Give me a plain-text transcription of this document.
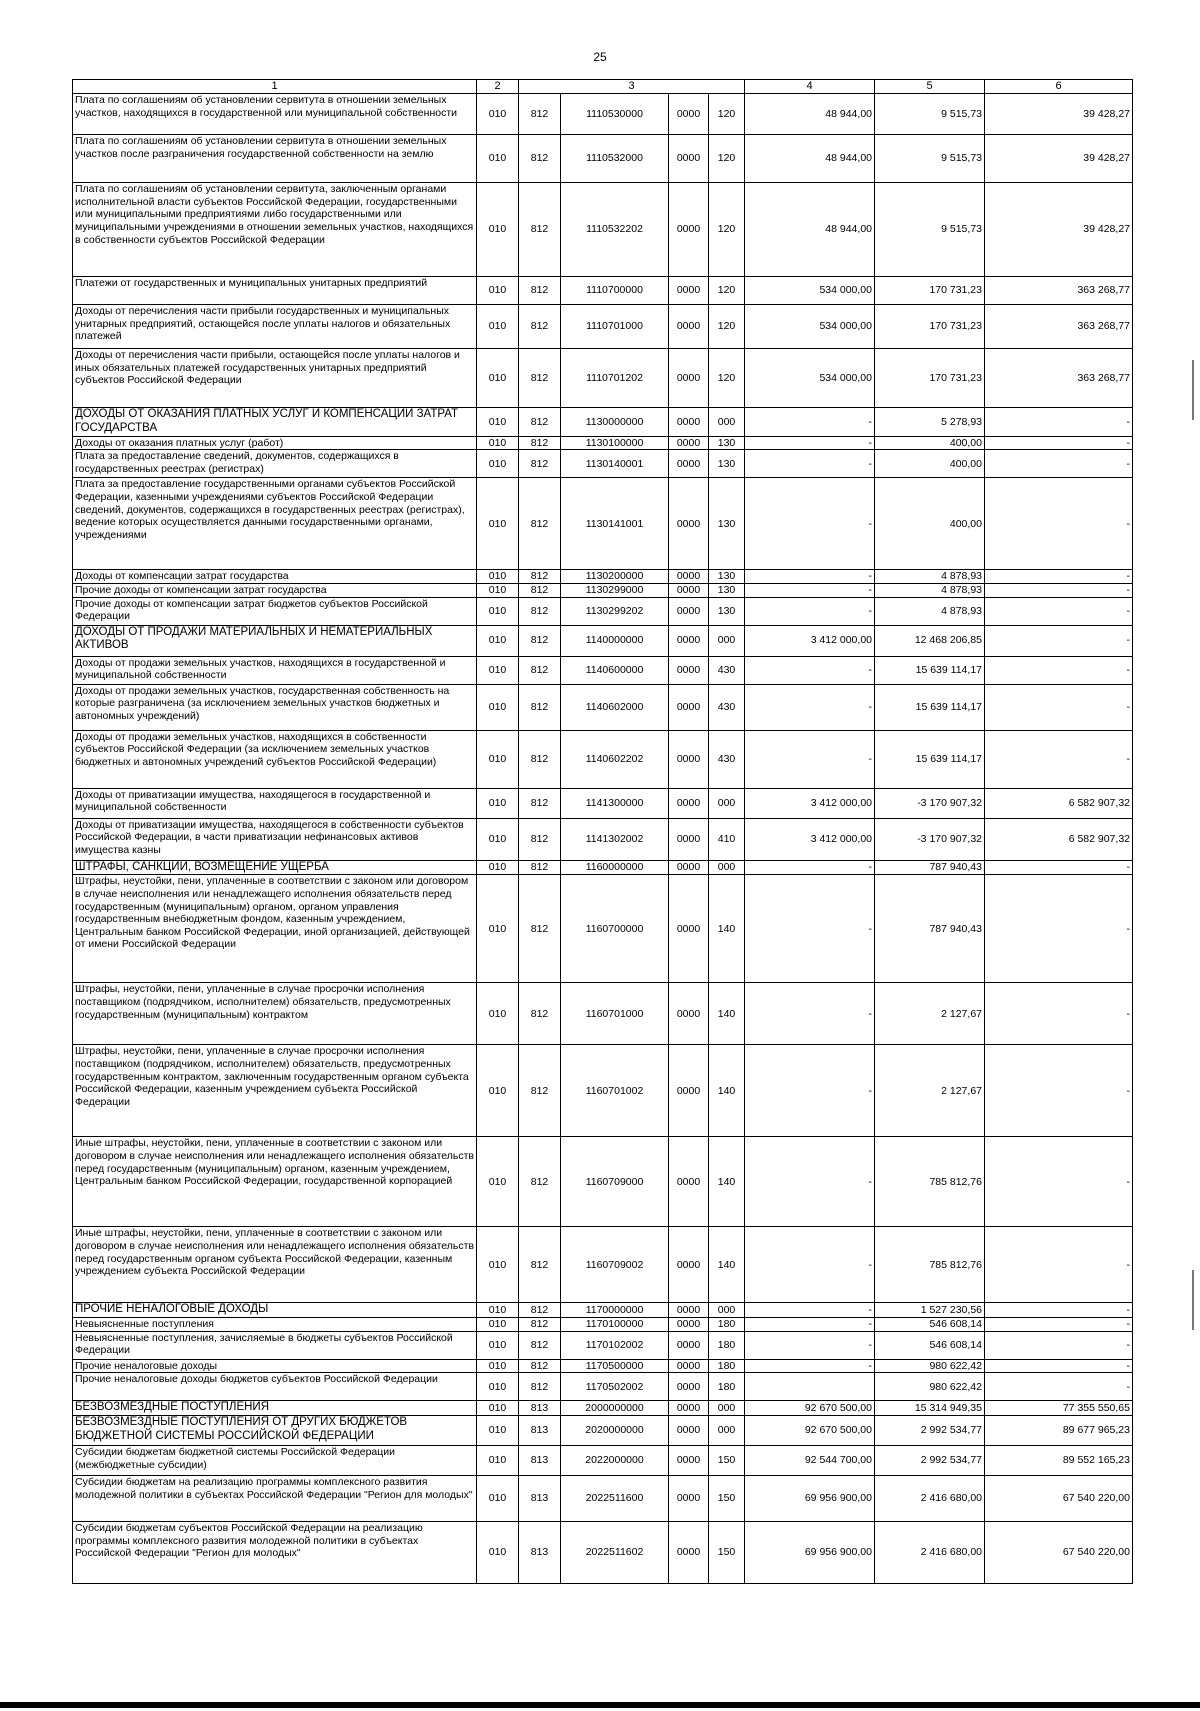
25
1	2	3				4	5	6
Плата по соглашениям об установлении сервитута в отношении земельных участков, находящихся в государственной или муниципальной собственности	010	812	1110530000	0000	120	48 944,00	9 515,73	39 428,27
Плата по соглашениям об установлении сервитута в отношении земельных участков после разграничения государственной собственности на землю	010	812	1110532000	0000	120	48 944,00	9 515,73	39 428,27
Плата по соглашениям об установлении сервитута, заключенным органами исполнительной власти субъектов Российской Федерации, государственными или муниципальными предприятиями либо государственными или муниципальными учреждениями в отношении земельных участков, находящихся в собственности субъектов Российской Федерации	010	812	1110532202	0000	120	48 944,00	9 515,73	39 428,27
Платежи от государственных и муниципальных унитарных предприятий	010	812	1110700000	0000	120	534 000,00	170 731,23	363 268,77
Доходы от перечисления части прибыли государственных и муниципальных унитарных предприятий, остающейся после уплаты налогов и обязательных платежей	010	812	1110701000	0000	120	534 000,00	170 731,23	363 268,77
Доходы от перечисления части прибыли, остающейся после уплаты налогов и иных обязательных платежей государственных унитарных предприятий субъектов Российской Федерации	010	812	1110701202	0000	120	534 000,00	170 731,23	363 268,77
ДОХОДЫ ОТ ОКАЗАНИЯ ПЛАТНЫХ УСЛУГ И КОМПЕНСАЦИИ ЗАТРАТ ГОСУДАРСТВА	010	812	1130000000	0000	000	-	5 278,93	-
Доходы от оказания платных услуг (работ)	010	812	1130100000	0000	130	-	400,00	-
Плата за предоставление сведений, документов, содержащихся в государственных реестрах (регистрах)	010	812	1130140001	0000	130	-	400,00	-
Плата за предоставление государственными органами субъектов Российской Федерации, казенными учреждениями субъектов Российской Федерации сведений, документов, содержащихся в государственных реестрах (регистрах), ведение которых осуществляется данными государственными органами, учреждениями	010	812	1130141001	0000	130	-	400,00	-
Доходы от компенсации затрат государства	010	812	1130200000	0000	130	-	4 878,93	-
Прочие доходы от компенсации затрат государства	010	812	1130299000	0000	130	-	4 878,93	-
Прочие доходы от компенсации затрат бюджетов субъектов Российской Федерации	010	812	1130299202	0000	130	-	4 878,93	-
ДОХОДЫ ОТ ПРОДАЖИ МАТЕРИАЛЬНЫХ И НЕМАТЕРИАЛЬНЫХ АКТИВОВ	010	812	1140000000	0000	000	3 412 000,00	12 468 206,85	-
Доходы от продажи земельных участков, находящихся в государственной и муниципальной собственности	010	812	1140600000	0000	430	-	15 639 114,17	-
Доходы от продажи земельных участков, государственная собственность на которые разграничена (за исключением земельных участков бюджетных и автономных учреждений)	010	812	1140602000	0000	430	-	15 639 114,17	-
Доходы от продажи земельных участков, находящихся в собственности субъектов Российской Федерации (за исключением земельных участков бюджетных и автономных учреждений субъектов Российской Федерации)	010	812	1140602202	0000	430	-	15 639 114,17	-
Доходы от приватизации имущества, находящегося в государственной и муниципальной собственности	010	812	1141300000	0000	000	3 412 000,00	-3 170 907,32	6 582 907,32
Доходы от приватизации имущества, находящегося в собственности субъектов Российской Федерации, в части приватизации нефинансовых активов имущества казны	010	812	1141302002	0000	410	3 412 000,00	-3 170 907,32	6 582 907,32
ШТРАФЫ, САНКЦИИ, ВОЗМЕЩЕНИЕ УЩЕРБА	010	812	1160000000	0000	000	-	787 940,43	-
Штрафы, неустойки, пени, уплаченные в соответствии с законом или договором в случае неисполнения или ненадлежащего исполнения обязательств перед государственным (муниципальным) органом, органом управления государственным внебюджетным фондом, казенным учреждением, Центральным банком Российской Федерации, иной организацией, действующей от имени Российской Федерации	010	812	1160700000	0000	140	-	787 940,43	-
Штрафы, неустойки, пени, уплаченные в случае просрочки исполнения поставщиком (подрядчиком, исполнителем) обязательств, предусмотренных государственным (муниципальным) контрактом	010	812	1160701000	0000	140	-	2 127,67	-
Штрафы, неустойки, пени, уплаченные в случае просрочки исполнения поставщиком (подрядчиком, исполнителем) обязательств, предусмотренных государственным контрактом, заключенным государственным органом субъекта Российской Федерации, казенным учреждением субъекта Российской Федерации	010	812	1160701002	0000	140	-	2 127,67	-
Иные штрафы, неустойки, пени, уплаченные в соответствии с законом или договором в случае неисполнения или ненадлежащего исполнения обязательств перед государственным (муниципальным) органом, казенным учреждением, Центральным банком Российской Федерации, государственной корпорацией	010	812	1160709000	0000	140	-	785 812,76	-
Иные штрафы, неустойки, пени, уплаченные в соответствии с законом или договором в случае неисполнения или ненадлежащего исполнения обязательств перед государственным органом субъекта Российской Федерации, казенным учреждением субъекта Российской Федерации	010	812	1160709002	0000	140	-	785 812,76	-
ПРОЧИЕ НЕНАЛОГОВЫЕ ДОХОДЫ	010	812	1170000000	0000	000	-	1 527 230,56	-
Невыясненные поступления	010	812	1170100000	0000	180	-	546 608,14	-
Невыясненные поступления, зачисляемые в бюджеты субъектов Российской Федерации	010	812	1170102002	0000	180	-	546 608,14	-
Прочие неналоговые доходы	010	812	1170500000	0000	180	-	980 622,42	-
Прочие неналоговые доходы бюджетов субъектов Российской Федерации	010	812	1170502002	0000	180		980 622,42	-
БЕЗВОЗМЕЗДНЫЕ ПОСТУПЛЕНИЯ	010	813	2000000000	0000	000	92 670 500,00	15 314 949,35	77 355 550,65
БЕЗВОЗМЕЗДНЫЕ ПОСТУПЛЕНИЯ ОТ ДРУГИХ БЮДЖЕТОВ БЮДЖЕТНОЙ СИСТЕМЫ РОССИЙСКОЙ ФЕДЕРАЦИИ	010	813	2020000000	0000	000	92 670 500,00	2 992 534,77	89 677 965,23
Субсидии бюджетам бюджетной системы Российской Федерации (межбюджетные субсидии)	010	813	2022000000	0000	150	92 544 700,00	2 992 534,77	89 552 165,23
Субсидии бюджетам на реализацию программы комплексного развития молодежной политики в субъектах Российской Федерации "Регион для молодых"	010	813	2022511600	0000	150	69 956 900,00	2 416 680,00	67 540 220,00
Субсидии бюджетам субъектов Российской Федерации на реализацию программы комплексного развития молодежной политики в субъектах Российской Федерации "Регион для молодых"	010	813	2022511602	0000	150	69 956 900,00	2 416 680,00	67 540 220,00
